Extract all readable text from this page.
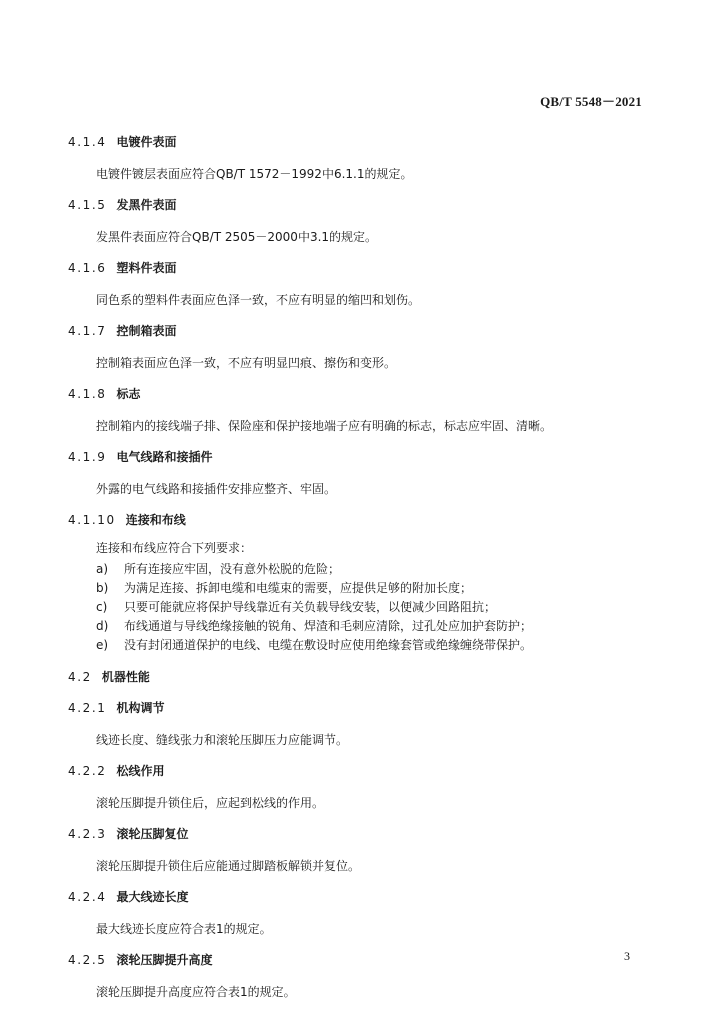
QB/T 5548－2021
4.1.4 电镀件表面
电镀件镀层表面应符合QB/T 1572－1992中6.1.1的规定。
4.1.5 发黑件表面
发黑件表面应符合QB/T 2505－2000中3.1的规定。
4.1.6 塑料件表面
同色系的塑料件表面应色泽一致，不应有明显的缩凹和划伤。
4.1.7 控制箱表面
控制箱表面应色泽一致，不应有明显凹痕、擦伤和变形。
4.1.8 标志
控制箱内的接线端子排、保险座和保护接地端子应有明确的标志，标志应牢固、清晰。
4.1.9 电气线路和接插件
外露的电气线路和接插件安排应整齐、牢固。
4.1.10 连接和布线
连接和布线应符合下列要求：
a)	所有连接应牢固，没有意外松脱的危险；
b)	为满足连接、拆卸电缆和电缆束的需要，应提供足够的附加长度；
c)	只要可能就应将保护导线靠近有关负载导线安装，以便减少回路阻抗；
d)	布线通道与导线绝缘接触的锐角、焊渣和毛刺应清除，过孔处应加护套防护；
e)	没有封闭通道保护的电线、电缆在敷设时应使用绝缘套管或绝缘缠绕带保护。
4.2 机器性能
4.2.1 机构调节
线迹长度、缝线张力和滚轮压脚压力应能调节。
4.2.2 松线作用
滚轮压脚提升锁住后，应起到松线的作用。
4.2.3 滚轮压脚复位
滚轮压脚提升锁住后应能通过脚踏板解锁并复位。
4.2.4 最大线迹长度
最大线迹长度应符合表1的规定。
4.2.5 滚轮压脚提升高度
滚轮压脚提升高度应符合表1的规定。
3
